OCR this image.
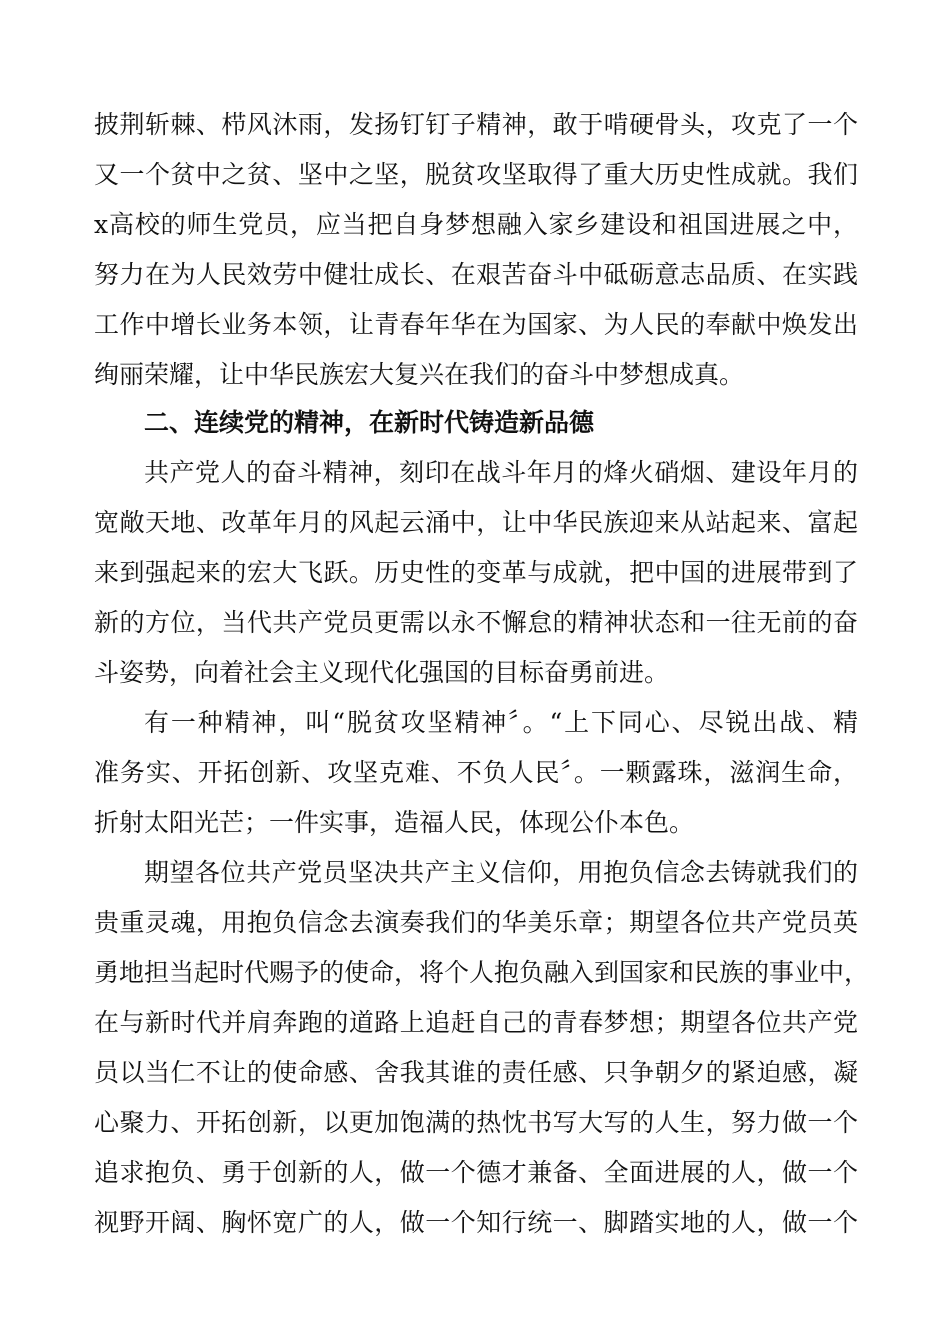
披荆斩棘、栉风沐雨，发扬钉钉子精神，敢于啃硬骨头，攻克了一个
又一个贫中之贫、坚中之坚，脱贫攻坚取得了重大历史性成就。我们
x高校的师生党员，应当把自身梦想融入家乡建设和祖国进展之中，
努力在为人民效劳中健壮成长、在艰苦奋斗中砥砺意志品质、在实践
工作中增长业务本领，让青春年华在为国家、为人民的奉献中焕发出
绚丽荣耀，让中华民族宏大复兴在我们的奋斗中梦想成真。
二、连续党的精神，在新时代铸造新品德
共产党人的奋斗精神，刻印在战斗年月的烽火硝烟、建设年月的
宽敞天地、改革年月的风起云涌中，让中华民族迎来从站起来、富起
来到强起来的宏大飞跃。历史性的变革与成就，把中国的进展带到了
新的方位，当代共产党员更需以永不懈怠的精神状态和一往无前的奋
斗姿势，向着社会主义现代化强国的目标奋勇前进。
有一种精神，叫“脱贫攻坚精神〞。“上下同心、尽锐出战、精
准务实、开拓创新、攻坚克难、不负人民〞。一颗露珠，滋润生命，
折射太阳光芒；一件实事，造福人民，体现公仆本色。
期望各位共产党员坚决共产主义信仰，用抱负信念去铸就我们的
贵重灵魂，用抱负信念去演奏我们的华美乐章；期望各位共产党员英
勇地担当起时代赐予的使命，将个人抱负融入到国家和民族的事业中，
在与新时代并肩奔跑的道路上追赶自己的青春梦想；期望各位共产党
员以当仁不让的使命感、舍我其谁的责任感、只争朝夕的紧迫感，凝
心聚力、开拓创新，以更加饱满的热忱书写大写的人生，努力做一个
追求抱负、勇于创新的人，做一个德才兼备、全面进展的人，做一个
视野开阔、胸怀宽广的人，做一个知行统一、脚踏实地的人，做一个
